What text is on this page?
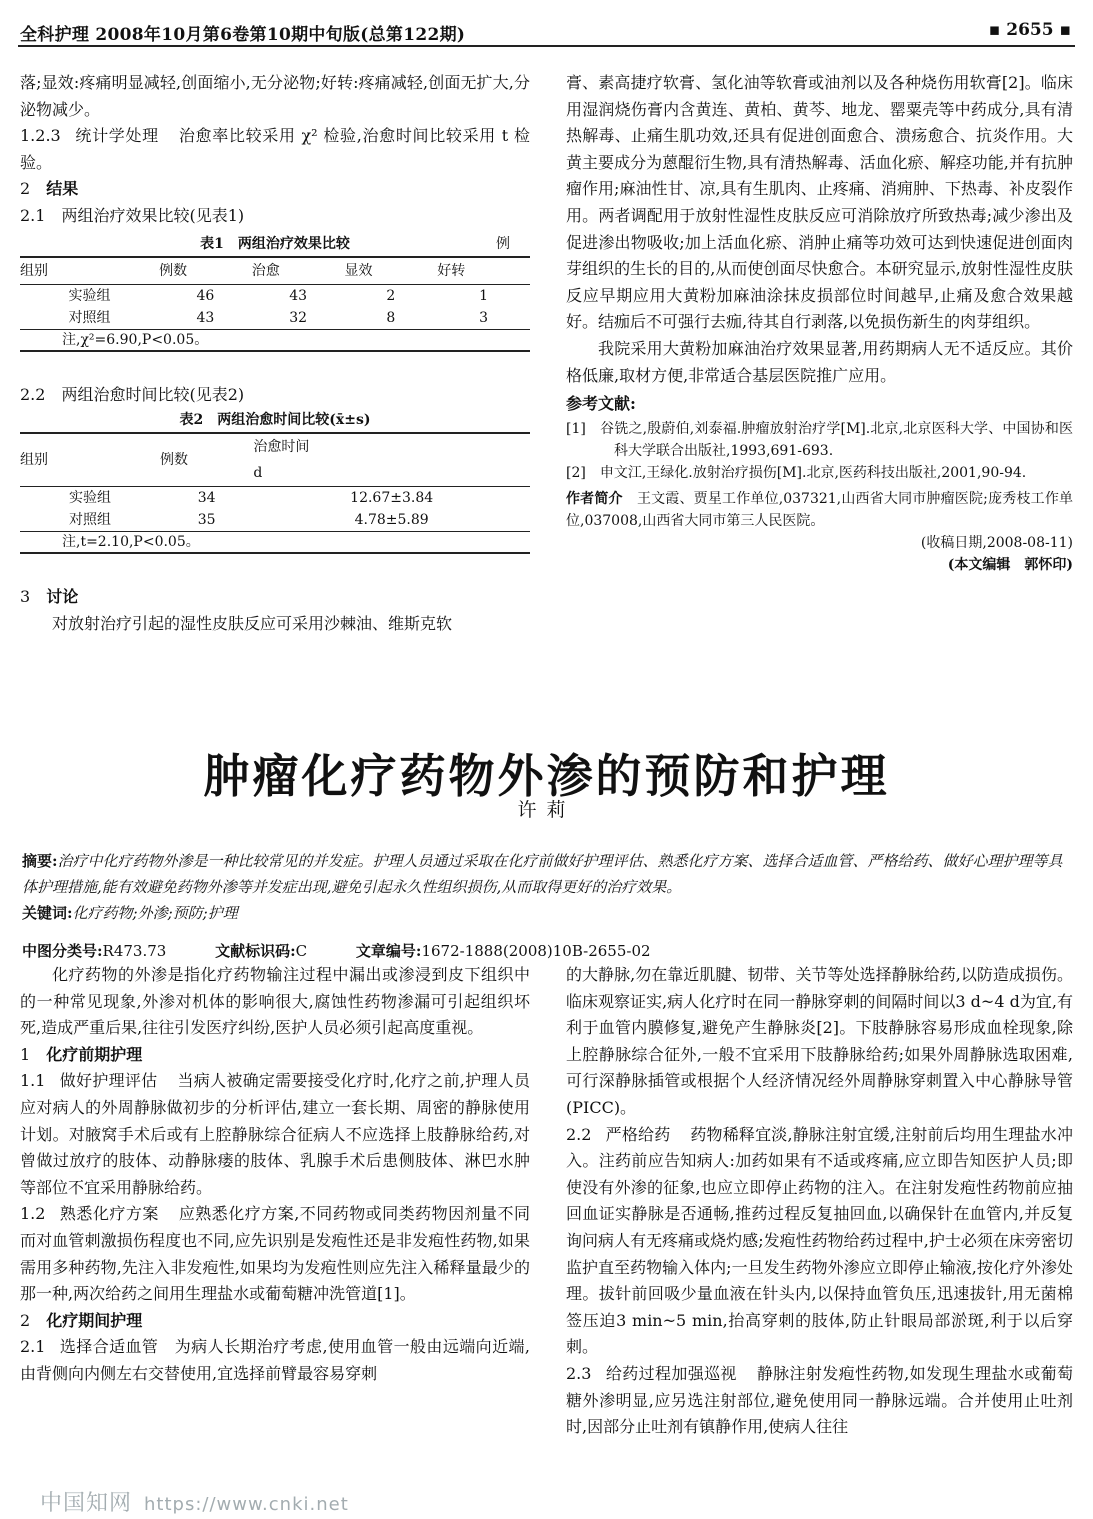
全科护理 2008年10月第6卷第10期中旬版(总第122期)	▪ 2655 ▪

落;显效:疼痛明显减轻,创面缩小,无分泌物;好转:疼痛减轻,创面无扩大,分泌物减少。

1.2.3 统计学处理 治愈率比较采用 χ² 检验,治愈时间比较采用 t 检验。

2 结果

2.1　两组治疗效果比较(见表1)

表1　两组治疗效果比较	例
组别	例数	治愈	显效	好转
实验组	46	43	2	1
对照组	43	32	8	3
注,χ²=6.90,P<0.05。

2.2　两组治愈时间比较(见表2)

表2　两组治愈时间比较(x̄±s)
组别	例数	治愈时间
		d
实验组	34	12.67±3.84
对照组	35	4.78±5.89
注,t=2.10,P<0.05。

3 讨论

对放射治疗引起的湿性皮肤反应可采用沙棘油、维斯克软

膏、素高捷疗软膏、氢化油等软膏或油剂以及各种烧伤用软膏[2]。临床用湿润烧伤膏内含黄连、黄柏、黄芩、地龙、罂粟壳等中药成分,具有清热解毒、止痛生肌功效,还具有促进创面愈合、溃疡愈合、抗炎作用。大黄主要成分为蒽醌衍生物,具有清热解毒、活血化瘀、解痉功能,并有抗肿瘤作用;麻油性甘、凉,具有生肌肉、止疼痛、消痈肿、下热毒、补皮裂作用。两者调配用于放射性湿性皮肤反应可消除放疗所致热毒;减少渗出及促进渗出物吸收;加上活血化瘀、消肿止痛等功效可达到快速促进创面肉芽组织的生长的目的,从而使创面尽快愈合。本研究显示,放射性湿性皮肤反应早期应用大黄粉加麻油涂抹皮损部位时间越早,止痛及愈合效果越好。结痂后不可强行去痂,待其自行剥落,以免损伤新生的肉芽组织。

我院采用大黄粉加麻油治疗效果显著,用药期病人无不适反应。其价格低廉,取材方便,非常适合基层医院推广应用。

参考文献:

[1]　谷铣之,殷蔚伯,刘泰福.肿瘤放射治疗学[M].北京,北京医科大学、中国协和医科大学联合出版社,1993,691-693.

[2]　申文江,王绿化.放射治疗损伤[M].北京,医药科技出版社,2001,90-94.

作者简介　 王文霞、贾星工作单位,037321,山西省大同市肿瘤医院;庞秀枝工作单位,037008,山西省大同市第三人民医院。

(收稿日期,2008-08-11)

(本文编辑　郭怀印)

肿瘤化疗药物外渗的预防和护理
许莉
摘要:治疗中化疗药物外渗是一种比较常见的并发症。护理人员通过采取在化疗前做好护理评估、熟悉化疗方案、选择合适血管、严格给药、做好心理护理等具体护理措施,能有效避免药物外渗等并发症出现,避免引起永久性组织损伤,从而取得更好的治疗效果。
关键词:化疗药物;外渗;预防;护理
中图分类号:R473.73	文献标识码:C	文章编号:1672-1888(2008)10B-2655-02

化疗药物的外渗是指化疗药物输注过程中漏出或渗浸到皮下组织中的一种常见现象,外渗对机体的影响很大,腐蚀性药物渗漏可引起组织坏死,造成严重后果,往往引发医疗纠纷,医护人员必须引起高度重视。

1 化疗前期护理

1.1 做好护理评估 当病人被确定需要接受化疗时,化疗之前,护理人员应对病人的外周静脉做初步的分析评估,建立一套长期、周密的静脉使用计划。对腋窝手术后或有上腔静脉综合征病人不应选择上肢静脉给药,对曾做过放疗的肢体、动静脉瘘的肢体、乳腺手术后患侧肢体、淋巴水肿等部位不宜采用静脉给药。

1.2 熟悉化疗方案 应熟悉化疗方案,不同药物或同类药物因剂量不同而对血管刺激损伤程度也不同,应先识别是发疱性还是非发疱性药物,如果需用多种药物,先注入非发疱性,如果均为发疱性则应先注入稀释量最少的那一种,两次给药之间用生理盐水或葡萄糖冲洗管道[1]。

2 化疗期间护理

2.1 选择合适血管　为病人长期治疗考虑,使用血管一般由远端向近端,由背侧向内侧左右交替使用,宜选择前臂最容易穿刺

的大静脉,勿在靠近肌腱、韧带、关节等处选择静脉给药,以防造成损伤。临床观察证实,病人化疗时在同一静脉穿刺的间隔时间以3 d~4 d为宜,有利于血管内膜修复,避免产生静脉炎[2]。下肢静脉容易形成血栓现象,除上腔静脉综合征外,一般不宜采用下肢静脉给药;如果外周静脉选取困难,可行深静脉插管或根据个人经济情况经外周静脉穿刺置入中心静脉导管(PICC)。

2.2 严格给药 药物稀释宜淡,静脉注射宜缓,注射前后均用生理盐水冲入。注药前应告知病人:加药如果有不适或疼痛,应立即告知医护人员;即使没有外渗的征象,也应立即停止药物的注入。在注射发疱性药物前应抽回血证实静脉是否通畅,推药过程反复抽回血,以确保针在血管内,并反复询问病人有无疼痛或烧灼感;发疱性药物给药过程中,护士必须在床旁密切监护直至药物输入体内;一旦发生药物外渗应立即停止输液,按化疗外渗处理。拔针前回吸少量血液在针头内,以保持血管负压,迅速拔针,用无菌棉签压迫3 min~5 min,抬高穿刺的肢体,防止针眼局部淤斑,利于以后穿刺。

2.3 给药过程加强巡视 静脉注射发疱性药物,如发现生理盐水或葡萄糖外渗明显,应另选注射部位,避免使用同一静脉远端。合并使用止吐剂时,因部分止吐剂有镇静作用,使病人往往

中国知网 https://www.cnki.net
